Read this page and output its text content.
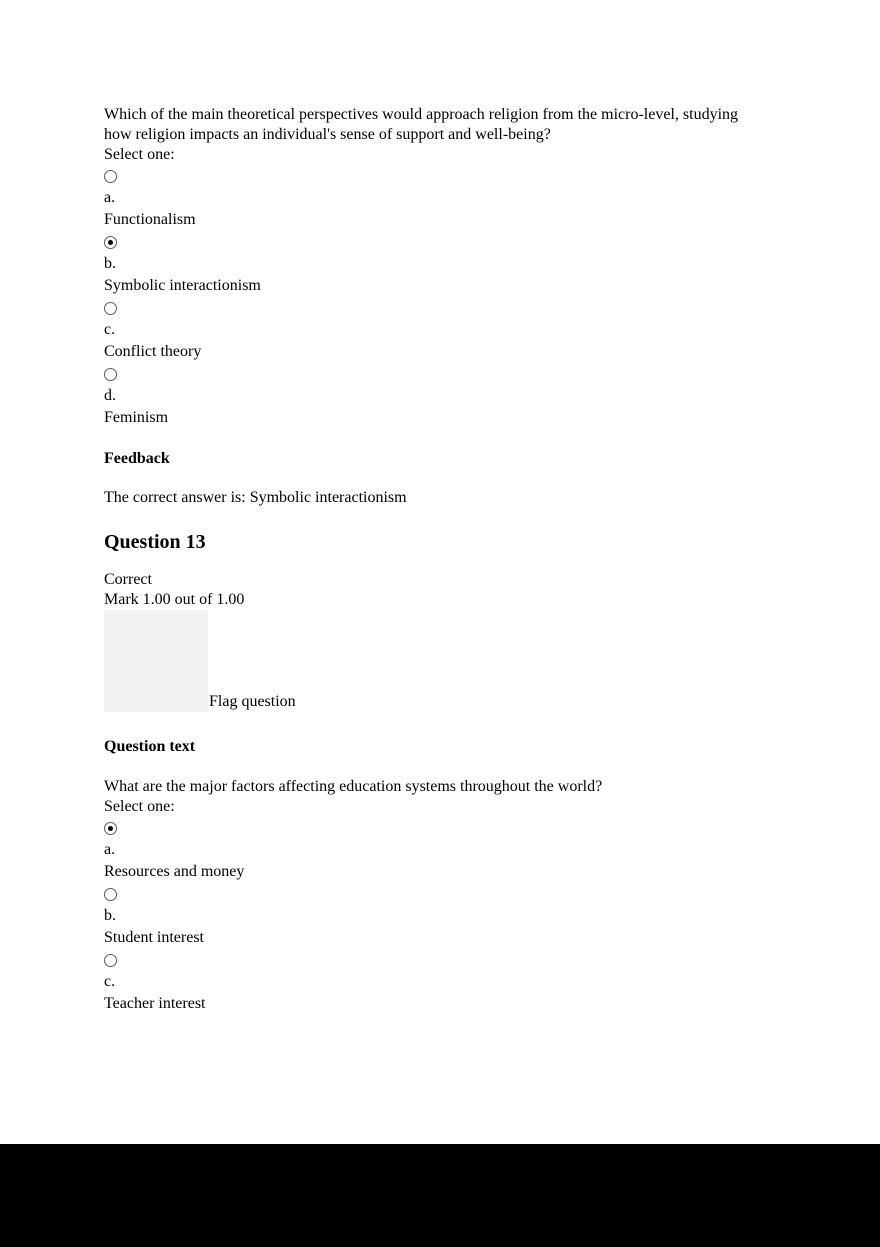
Which of the main theoretical perspectives would approach religion from the micro-level, studying how religion impacts an individual's sense of support and well-being?

Select one:

a.
Functionalism
b.
Symbolic interactionism
c.
Conflict theory
d.
Feminism
Feedback

The correct answer is: Symbolic interactionism

Question 13
Correct
Mark 1.00 out of 1.00
Flag question
Question text

What are the major factors affecting education systems throughout the world?

Select one:

a.
Resources and money
b.
Student interest
c.
Teacher interest
